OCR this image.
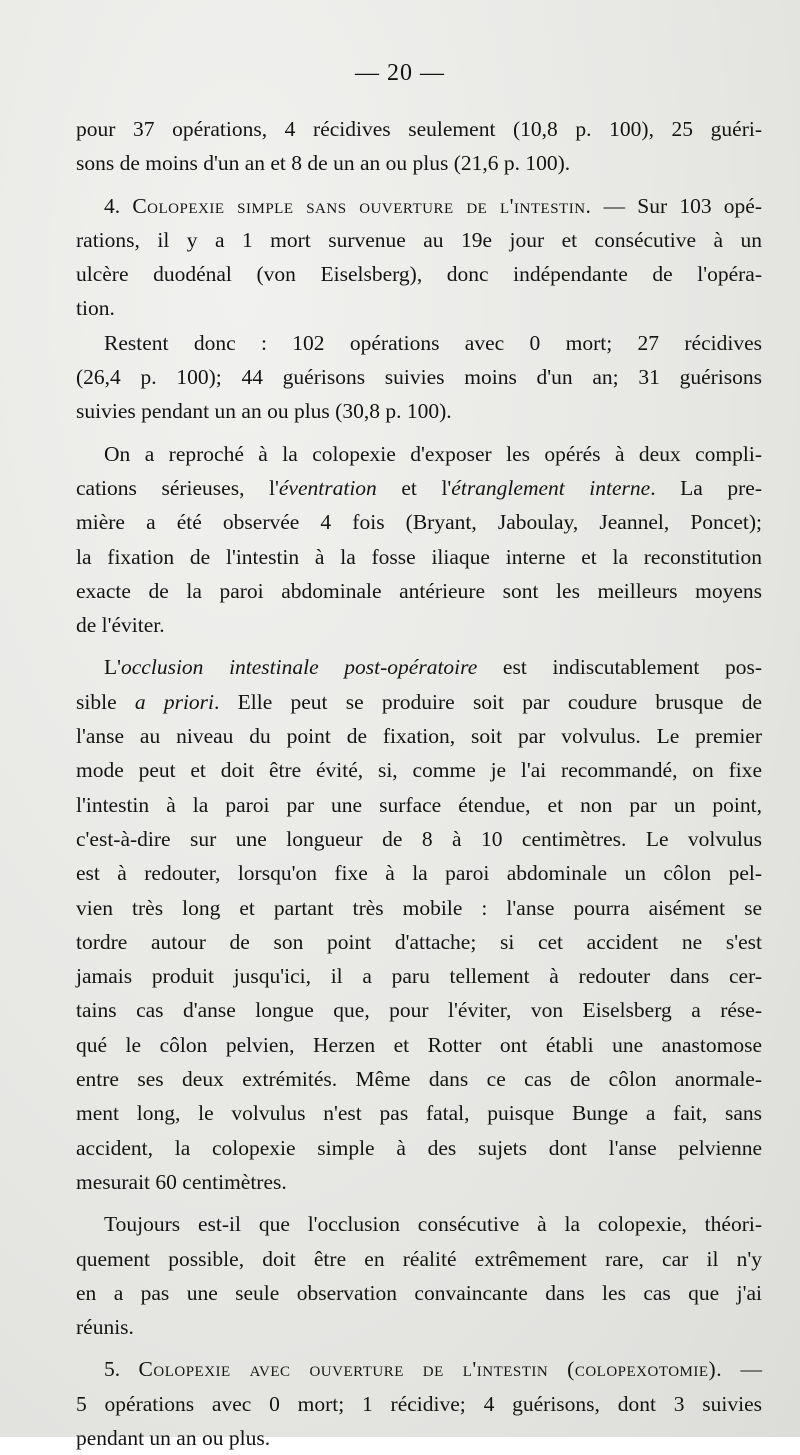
— 20 —
pour 37 opérations, 4 récidives seulement (10,8 p. 100), 25 guéri-
sons de moins d'un an et 8 de un an ou plus (21,6 p. 100).
4. Colopexie simple sans ouverture de l'intestin. — Sur 103 opé-
rations, il y a 1 mort survenue au 19e jour et consécutive à un
ulcère duodénal (von Eiselsberg), donc indépendante de l'opéra-
tion.
Restent donc : 102 opérations avec 0 mort; 27 récidives
(26,4 p. 100); 44 guérisons suivies moins d'un an; 31 guérisons
suivies pendant un an ou plus (30,8 p. 100).
On a reproché à la colopexie d'exposer les opérés à deux compli-
cations sérieuses, l'éventration et l'étranglement interne. La pre-
mière a été observée 4 fois (Bryant, Jaboulay, Jeannel, Poncet);
la fixation de l'intestin à la fosse iliaque interne et la reconstitution
exacte de la paroi abdominale antérieure sont les meilleurs moyens
de l'éviter.
L'occlusion intestinale post-opératoire est indiscutablement pos-
sible a priori. Elle peut se produire soit par coudure brusque de
l'anse au niveau du point de fixation, soit par volvulus. Le premier
mode peut et doit être évité, si, comme je l'ai recommandé, on fixe
l'intestin à la paroi par une surface étendue, et non par un point,
c'est-à-dire sur une longueur de 8 à 10 centimètres. Le volvulus
est à redouter, lorsqu'on fixe à la paroi abdominale un côlon pel-
vien très long et partant très mobile : l'anse pourra aisément se
tordre autour de son point d'attache; si cet accident ne s'est
jamais produit jusqu'ici, il a paru tellement à redouter dans cer-
tains cas d'anse longue que, pour l'éviter, von Eiselsberg a rése-
qué le côlon pelvien, Herzen et Rotter ont établi une anastomose
entre ses deux extrémités. Même dans ce cas de côlon anormale-
ment long, le volvulus n'est pas fatal, puisque Bunge a fait, sans
accident, la colopexie simple à des sujets dont l'anse pelvienne
mesurait 60 centimètres.
Toujours est-il que l'occlusion consécutive à la colopexie, théori-
quement possible, doit être en réalité extrêmement rare, car il n'y
en a pas une seule observation convaincante dans les cas que j'ai
réunis.
5. Colopexie avec ouverture de l'intestin (colopexotomie). —
5 opérations avec 0 mort; 1 récidive; 4 guérisons, dont 3 suivies
pendant un an ou plus.
